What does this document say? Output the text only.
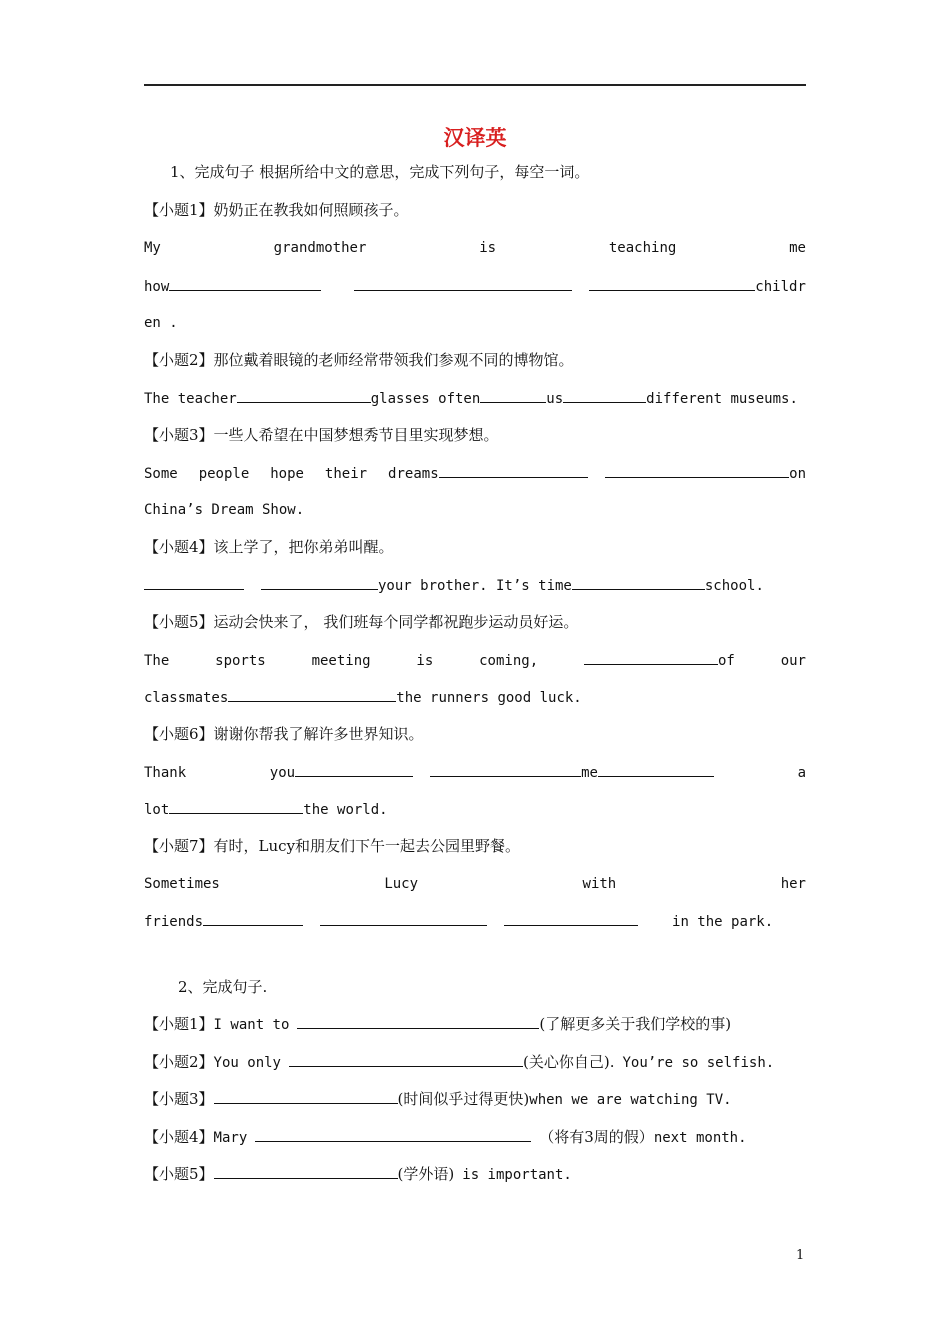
汉译英
1、完成句子 根据所给中文的意思，完成下列句子，每空一词。
【小题1】奶奶正在教我如何照顾孩子。
My	grandmother	is	teaching	me
how	childr
en .
【小题2】那位戴着眼镜的老师经常带领我们参观不同的博物馆。
The teacher	glasses often	us	different museums.
【小题3】一些人希望在中国梦想秀节目里实现梦想。
Some people hope their dreams	on
China’s Dream Show.
【小题4】该上学了，把你弟弟叫醒。
your brother. It’s time	school.
【小题5】运动会快来了， 我们班每个同学都祝跑步运动员好运。
The	sports	meeting	is	coming,	of	our
classmates	the runners good luck.
【小题6】谢谢你帮我了解许多世界知识。
Thank	you	me	a
lot	the world.
【小题7】有时，Lucy和朋友们下午一起去公园里野餐。
Sometimes	Lucy	with	her
friends	in the park.
2、完成句子.
【小题1】 I want to	(了解更多关于我们学校的事)
【小题2】 You only	(关心你自己). You’re so selfish.
【小题3】	(时间似乎过得更快) when we are watching TV.
【小题4】 Mary	（将有3周的假） next month.
【小题5】	(学外语) is important.
1
